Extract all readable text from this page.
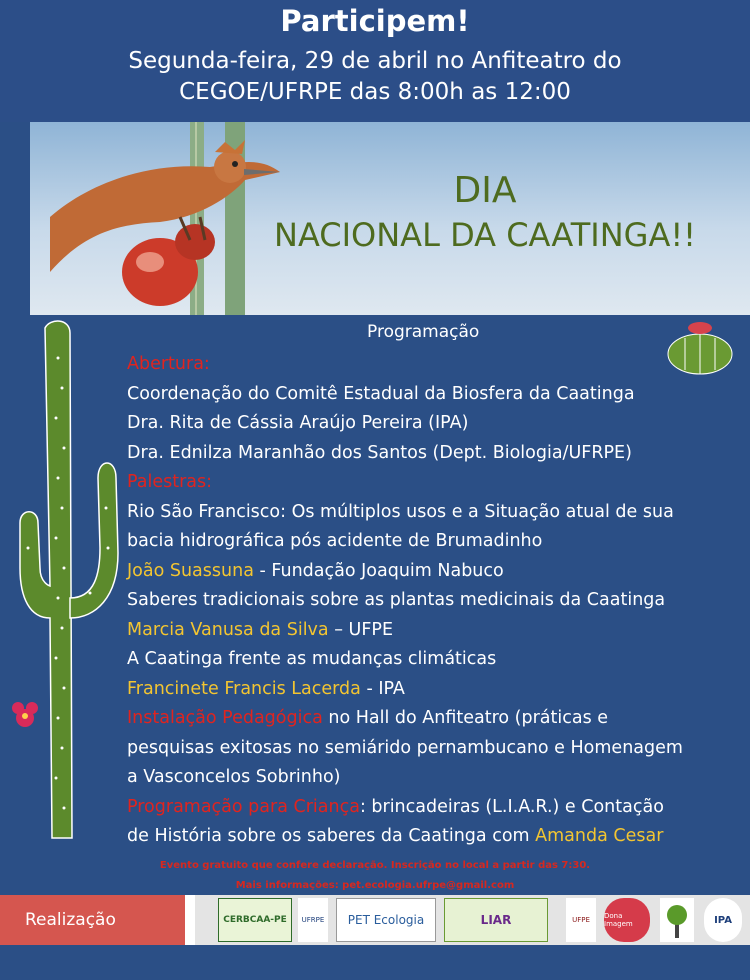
Participem!
Segunda-feira, 29 de abril no Anfiteatro do
CEGOE/UFRPE das 8:00h as 12:00
DIA
NACIONAL DA CAATINGA!!
Programação
Abertura:
Coordenação do Comitê Estadual da Biosfera da Caatinga
Dra. Rita de Cássia Araújo Pereira (IPA)
Dra. Ednilza Maranhão dos Santos (Dept. Biologia/UFRPE)
Palestras:
Rio São Francisco: Os múltiplos usos e a Situação atual de sua
bacia hidrográfica pós acidente de Brumadinho
João Suassuna - Fundação Joaquim Nabuco
Saberes tradicionais sobre as plantas medicinais da Caatinga
Marcia Vanusa da Silva – UFPE
A Caatinga frente as mudanças climáticas
Francinete Francis Lacerda - IPA
Instalação Pedagógica no Hall do Anfiteatro (práticas e
pesquisas exitosas no semiárido pernambucano e Homenagem
a Vasconcelos Sobrinho)
Programação para Criança: brincadeiras (L.I.A.R.) e Contação
de História sobre os saberes da Caatinga com Amanda Cesar
Evento gratuito que confere declaração. Inscrição no local a partir das 7:30.
Mais informações: pet.ecologia.ufrpe@gmail.com
Realização	CERBCAA-PE	UFRPE	PET Ecologia	LIAR	UFPE	Dona Imagem	IPA
